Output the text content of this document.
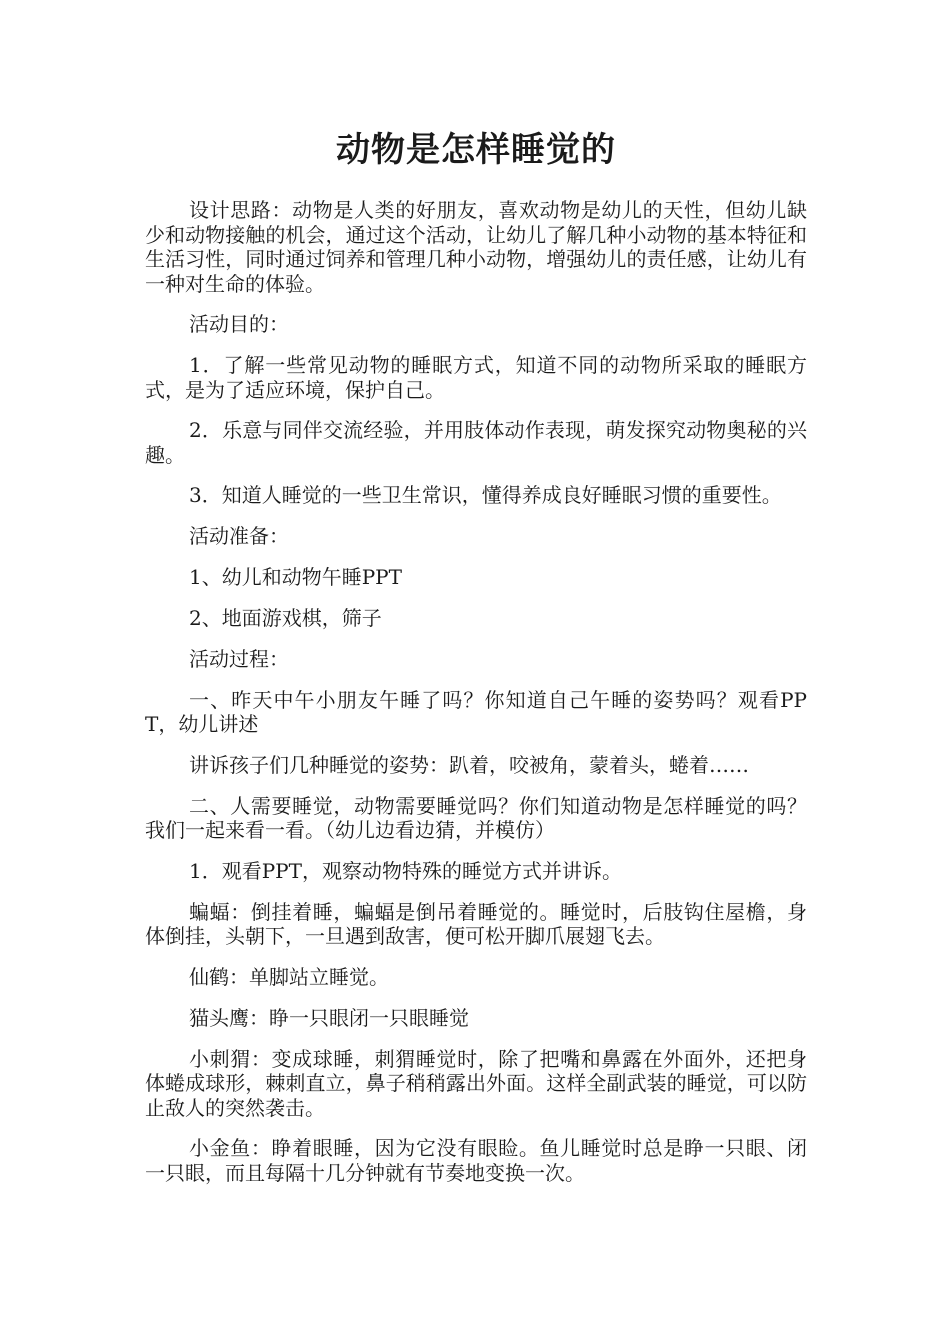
动物是怎样睡觉的

设计思路：动物是人类的好朋友，喜欢动物是幼儿的天性，但幼儿缺少和动物接触的机会，通过这个活动，让幼儿了解几种小动物的基本特征和生活习性，同时通过饲养和管理几种小动物，增强幼儿的责任感，让幼儿有一种对生命的体验。

活动目的：

1．了解一些常见动物的睡眠方式，知道不同的动物所采取的睡眠方式，是为了适应环境，保护自己。

2．乐意与同伴交流经验，并用肢体动作表现，萌发探究动物奥秘的兴趣。

3．知道人睡觉的一些卫生常识，懂得养成良好睡眠习惯的重要性。

活动准备：

1、幼儿和动物午睡PPT

2、地面游戏棋，筛子

活动过程：

一、昨天中午小朋友午睡了吗？你知道自己午睡的姿势吗？观看PPT，幼儿讲述

讲诉孩子们几种睡觉的姿势：趴着，咬被角，蒙着头，蜷着……

二、人需要睡觉，动物需要睡觉吗？你们知道动物是怎样睡觉的吗？我们一起来看一看。（幼儿边看边猜，并模仿）

1．观看PPT，观察动物特殊的睡觉方式并讲诉。

蝙蝠：倒挂着睡，蝙蝠是倒吊着睡觉的。睡觉时，后肢钩住屋檐，身体倒挂，头朝下，一旦遇到敌害，便可松开脚爪展翅飞去。

仙鹤：单脚站立睡觉。

猫头鹰：睁一只眼闭一只眼睡觉

小刺猬：变成球睡，刺猬睡觉时，除了把嘴和鼻露在外面外，还把身体蜷成球形，棘刺直立，鼻子稍稍露出外面。这样全副武装的睡觉，可以防止敌人的突然袭击。

小金鱼：睁着眼睡，因为它没有眼睑。鱼儿睡觉时总是睁一只眼、闭一只眼，而且每隔十几分钟就有节奏地变换一次。
